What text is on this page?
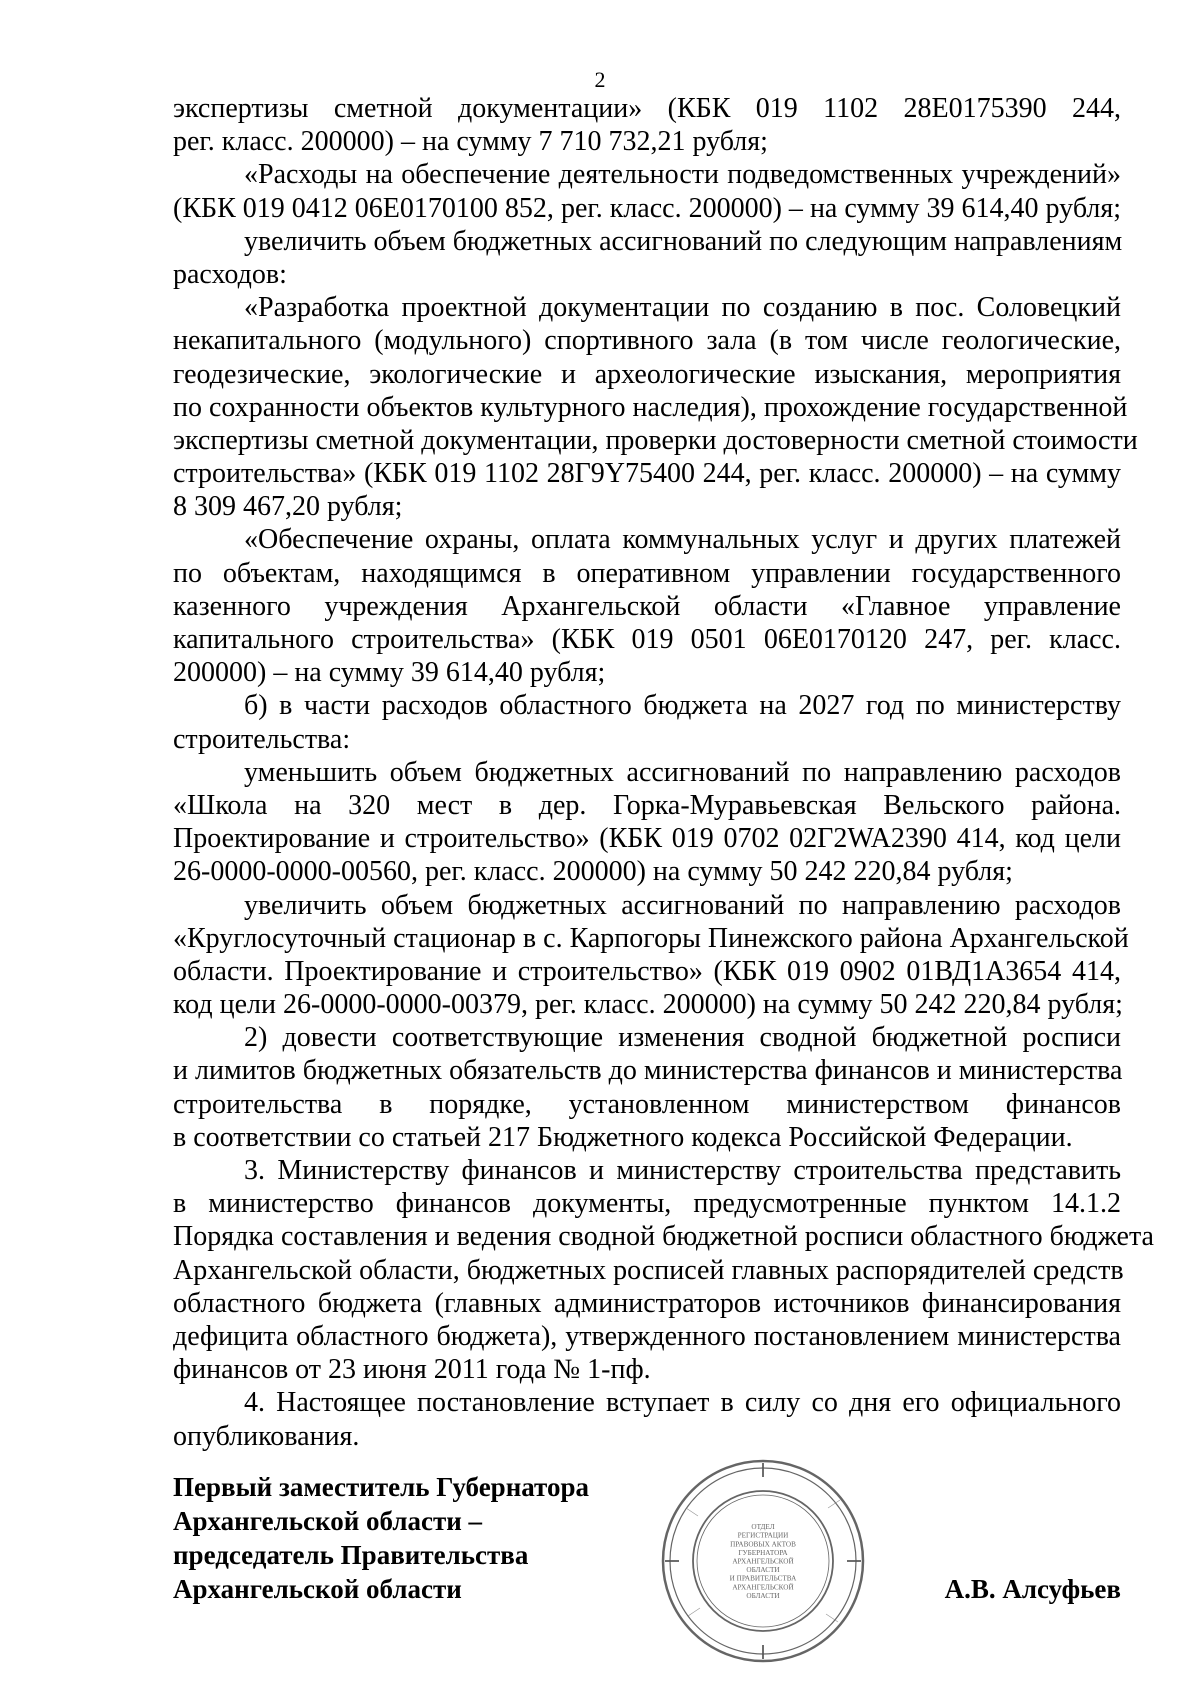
2
экспертизы сметной документации» (КБК 019 1102 28Е0175390 244,
рег. класс. 200000) – на сумму 7 710 732,21 рубля;
«Расходы на обеспечение деятельности подведомственных учреждений»
(КБК 019 0412 06Е0170100 852, рег. класс. 200000) – на сумму 39 614,40 рубля;
увеличить объем бюджетных ассигнований по следующим направлениям
расходов:
«Разработка проектной документации по созданию в пос. Соловецкий
некапитального (модульного) спортивного зала (в том числе геологические,
геодезические, экологические и археологические изыскания, мероприятия
по сохранности объектов культурного наследия), прохождение государственной
экспертизы сметной документации, проверки достоверности сметной стоимости
строительства» (КБК 019 1102 28Г9Y75400 244, рег. класс. 200000) – на сумму
8 309 467,20 рубля;
«Обеспечение охраны, оплата коммунальных услуг и других платежей
по объектам, находящимся в оперативном управлении государственного
казенного учреждения Архангельской области «Главное управление
капитального строительства» (КБК 019 0501 06Е0170120 247, рег. класс.
200000) – на сумму 39 614,40 рубля;
б) в части расходов областного бюджета на 2027 год по министерству
строительства:
уменьшить объем бюджетных ассигнований по направлению расходов
«Школа на 320 мест в дер. Горка-Муравьевская Вельского района.
Проектирование и строительство» (КБК 019 0702 02Г2WA2390 414, код цели
26-0000-0000-00560, рег. класс. 200000) на сумму 50 242 220,84 рубля;
увеличить объем бюджетных ассигнований по направлению расходов
«Круглосуточный стационар в с. Карпогоры Пинежского района Архангельской
области. Проектирование и строительство» (КБК 019 0902 01ВД1А3654 414,
код цели 26-0000-0000-00379, рег. класс. 200000) на сумму 50 242 220,84 рубля;
2) довести соответствующие изменения сводной бюджетной росписи
и лимитов бюджетных обязательств до министерства финансов и министерства
строительства в порядке, установленном министерством финансов
в соответствии со статьей 217 Бюджетного кодекса Российской Федерации.
3. Министерству финансов и министерству строительства представить
в министерство финансов документы, предусмотренные пунктом 14.1.2
Порядка составления и ведения сводной бюджетной росписи областного бюджета
Архангельской области, бюджетных росписей главных распорядителей средств
областного бюджета (главных администраторов источников финансирования
дефицита областного бюджета), утвержденного постановлением министерства
финансов от 23 июня 2011 года № 1-пф.
4. Настоящее постановление вступает в силу со дня его официального
опубликования.
Первый заместитель Губернатора
Архангельской области –
председатель Правительства
Архангельской области
ОТДЕЛ
РЕГИСТРАЦИИ
ПРАВОВЫХ АКТОВ
ГУБЕРНАТОРА
АРХАНГЕЛЬСКОЙ
ОБЛАСТИ
И ПРАВИТЕЛЬСТВА
АРХАНГЕЛЬСКОЙ
ОБЛАСТИ	А.В. Алсуфьев
